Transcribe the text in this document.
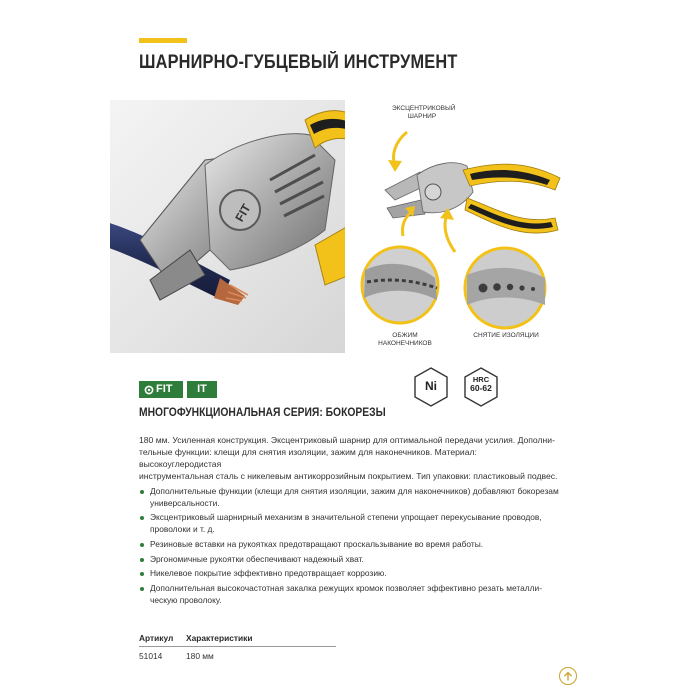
ШАРНИРНО-ГУБЦЕВЫЙ ИНСТРУМЕНТ
FIT
ЭКСЦЕНТРИКОВЫЙ
ШАРНИР
ОБЖИМ
НАКОНЕЧНИКОВ
СНЯТИЕ ИЗОЛЯЦИИ
FIT	IT	Ni	HRC
60-62
МНОГОФУНКЦИОНАЛЬНАЯ СЕРИЯ: БОКОРЕЗЫ
180 мм. Усиленная конструкция. Эксцентриковый шарнир для оптимальной передачи усилия. Дополни-
тельные функции: клещи для снятия изоляции, зажим для наконечников. Материал: высокоуглеродистая
инструментальная сталь с никелевым антикоррозийным покрытием. Тип упаковки: пластиковый подвес.
Дополнительные функции (клещи для снятия изоляции, зажим для наконечников) добавляют бокорезам
универсальности.
Эксцентриковый шарнирный механизм в значительной степени упрощает перекусывание проводов,
проволоки и т. д.
Резиновые вставки на рукоятках предотвращают проскальзывание во время работы.
Эргономичные рукоятки обеспечивают надежный хват.
Никелевое покрытие эффективно предотвращает коррозию.
Дополнительная высокочастотная закалка режущих кромок позволяет эффективно резать металли-
ческую проволоку.
Артикул	Характеристики
51014	180 мм
